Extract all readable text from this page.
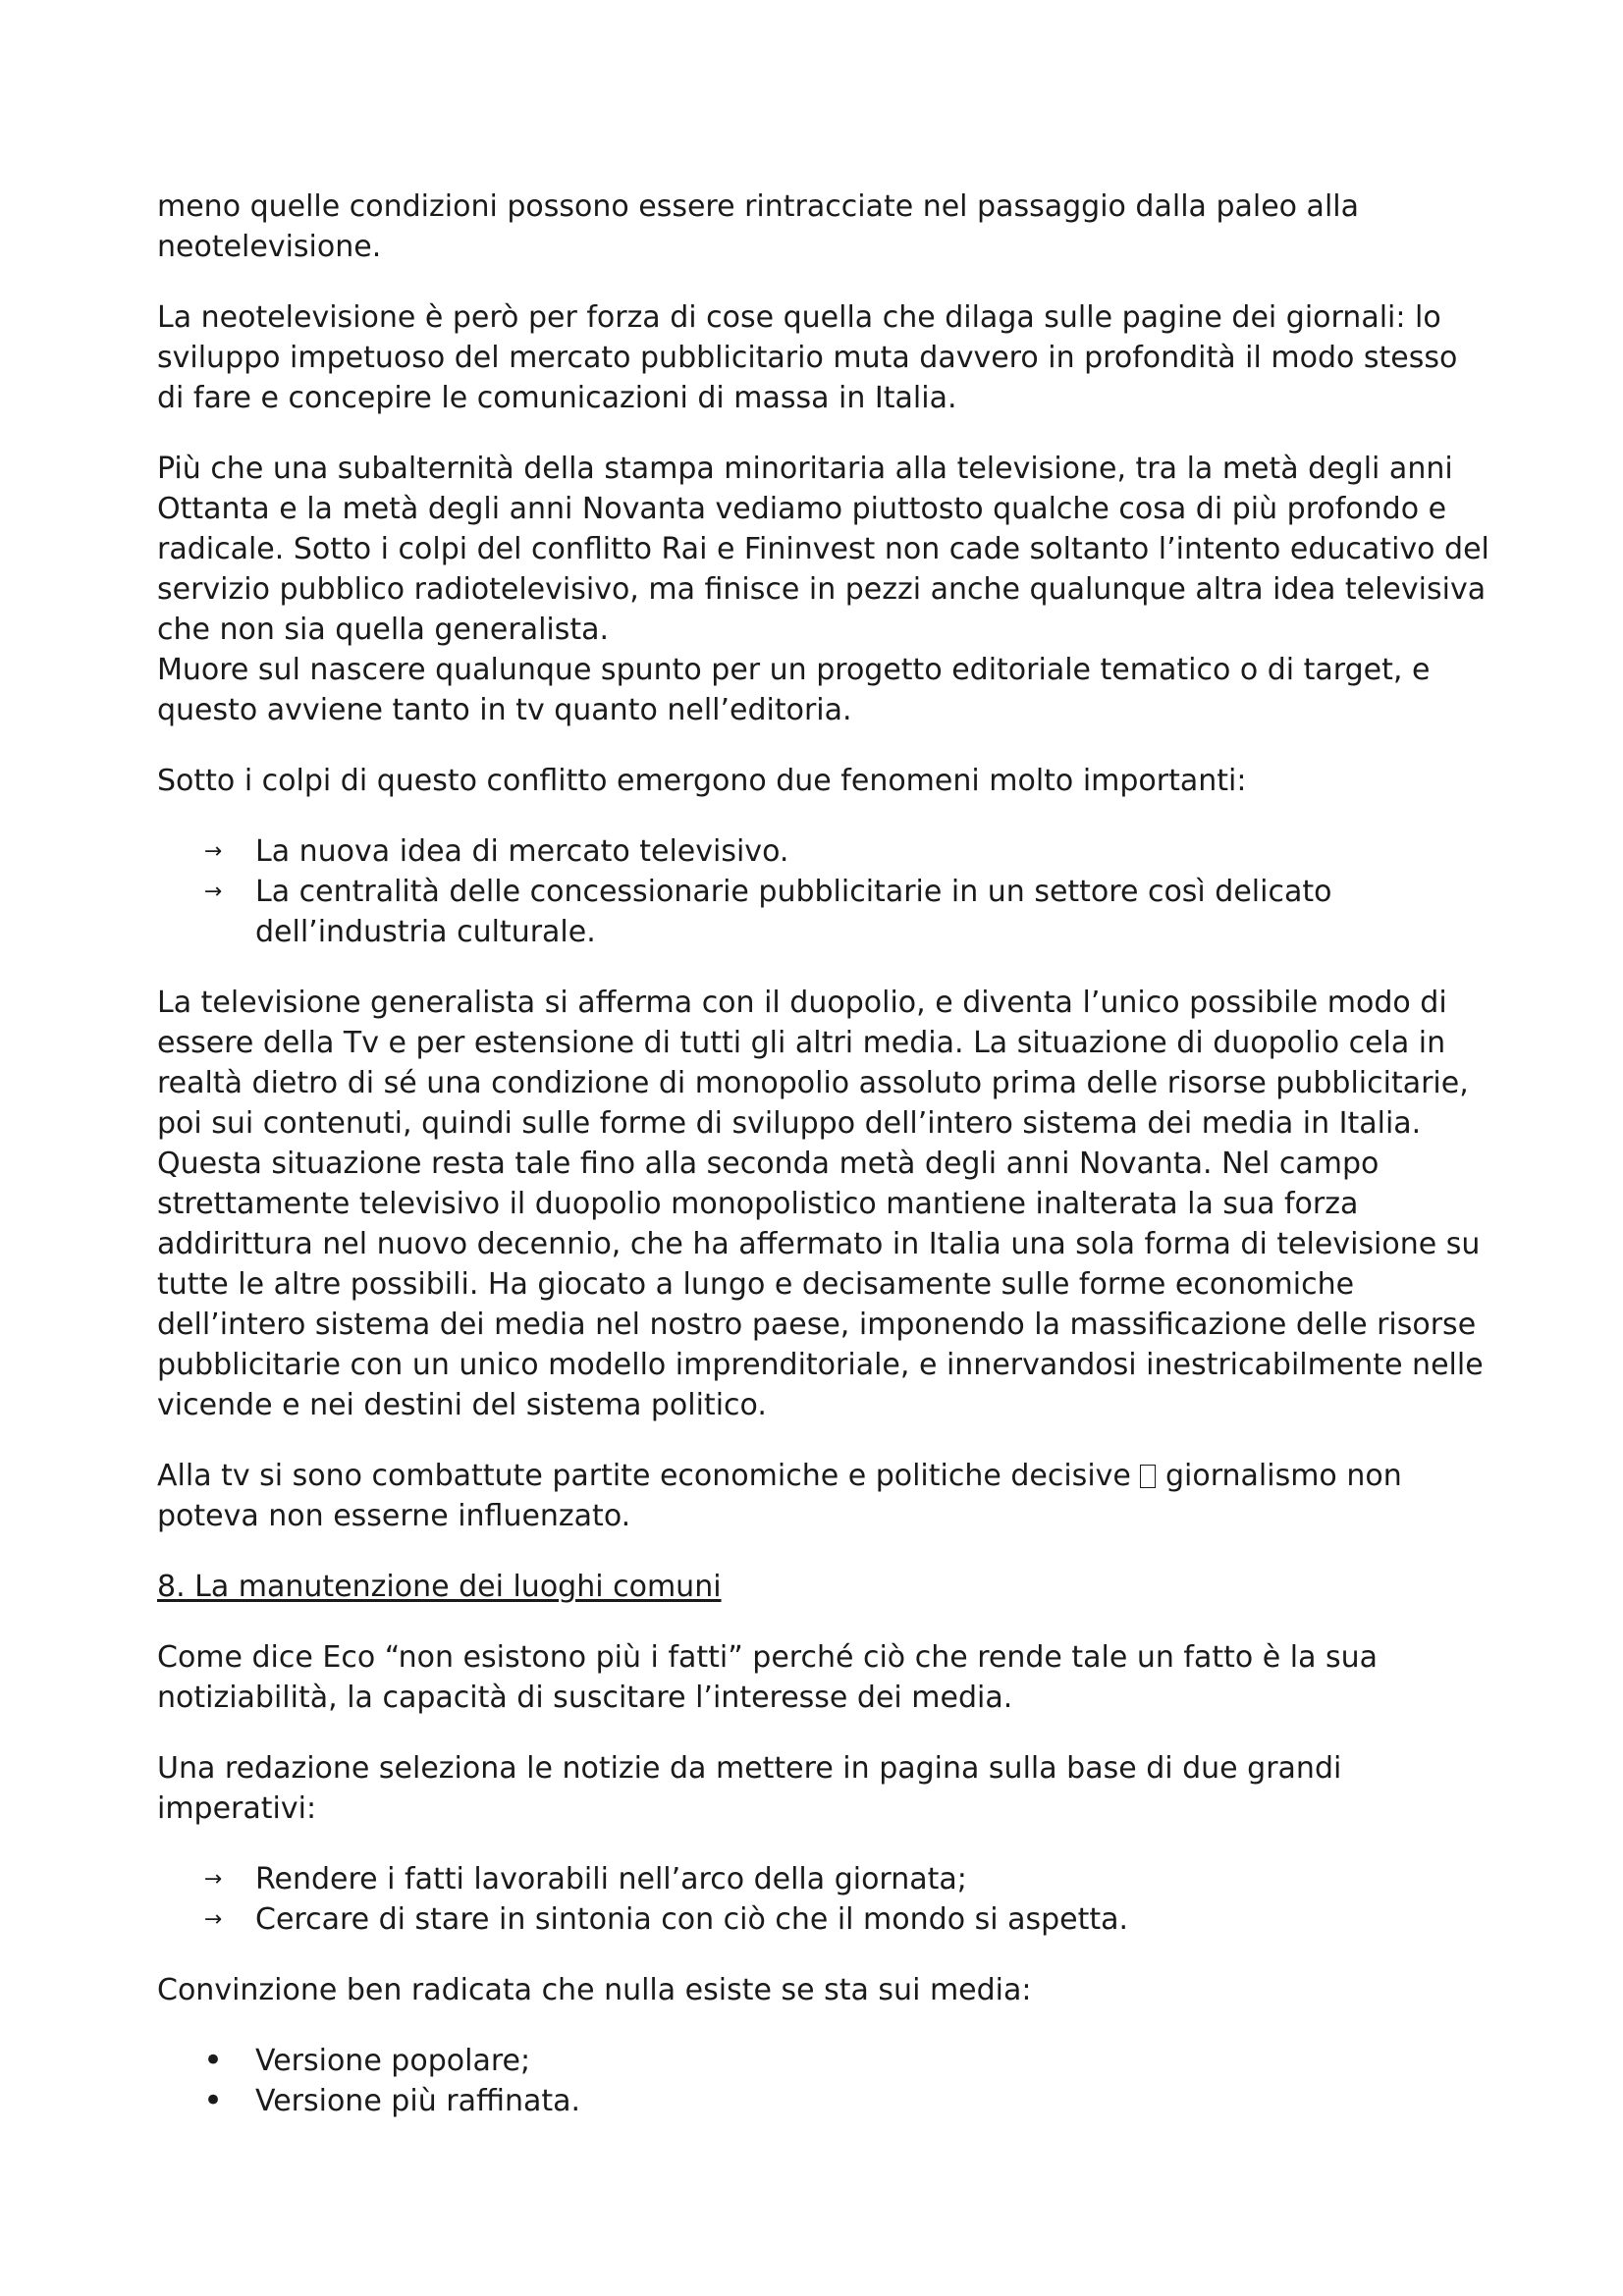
meno quelle condizioni possono essere rintracciate nel passaggio dalla paleo alla neotelevisione.

La neotelevisione è però per forza di cose quella che dilaga sulle pagine dei giornali: lo sviluppo impetuoso del mercato pubblicitario muta davvero in profondità il modo stesso di fare e concepire le comunicazioni di massa in Italia.

Più che una subalternità della stampa minoritaria alla televisione, tra la metà degli anni Ottanta e la metà degli anni Novanta vediamo piuttosto qualche cosa di più profondo e radicale. Sotto i colpi del conflitto Rai e Fininvest non cade soltanto l’intento educativo del servizio pubblico radiotelevisivo, ma finisce in pezzi anche qualunque altra idea televisiva che non sia quella generalista.

Muore sul nascere qualunque spunto per un progetto editoriale tematico o di target, e questo avviene tanto in tv quanto nell’editoria.

Sotto i colpi di questo conflitto emergono due fenomeni molto importanti:

→ La nuova idea di mercato televisivo.
→ La centralità delle concessionarie pubblicitarie in un settore così delicato dell’industria culturale.

La televisione generalista si afferma con il duopolio, e diventa l’unico possibile modo di essere della Tv e per estensione di tutti gli altri media. La situazione di duopolio cela in realtà dietro di sé una condizione di monopolio assoluto prima delle risorse pubblicitarie, poi sui contenuti, quindi sulle forme di sviluppo dell’intero sistema dei media in Italia.

Questa situazione resta tale fino alla seconda metà degli anni Novanta. Nel campo strettamente televisivo il duopolio monopolistico mantiene inalterata la sua forza addirittura nel nuovo decennio, che ha affermato in Italia una sola forma di televisione su tutte le altre possibili. Ha giocato a lungo e decisamente sulle forme economiche dell’intero sistema dei media nel nostro paese, imponendo la massificazione delle risorse pubblicitarie con un unico modello imprenditoriale, e innervandosi inestricabilmente nelle vicende e nei destini del sistema politico.

Alla tv si sono combattute partite economiche e politiche decisive giornalismo non poteva non esserne influenzato.

8. La manutenzione dei luoghi comuni

Come dice Eco “non esistono più i fatti” perché ciò che rende tale un fatto è la sua notiziabilità, la capacità di suscitare l’interesse dei media.

Una redazione seleziona le notizie da mettere in pagina sulla base di due grandi imperativi:

→ Rendere i fatti lavorabili nell’arco della giornata;
→ Cercare di stare in sintonia con ciò che il mondo si aspetta.

Convinzione ben radicata che nulla esiste se sta sui media:

• Versione popolare;
• Versione più raffinata.
